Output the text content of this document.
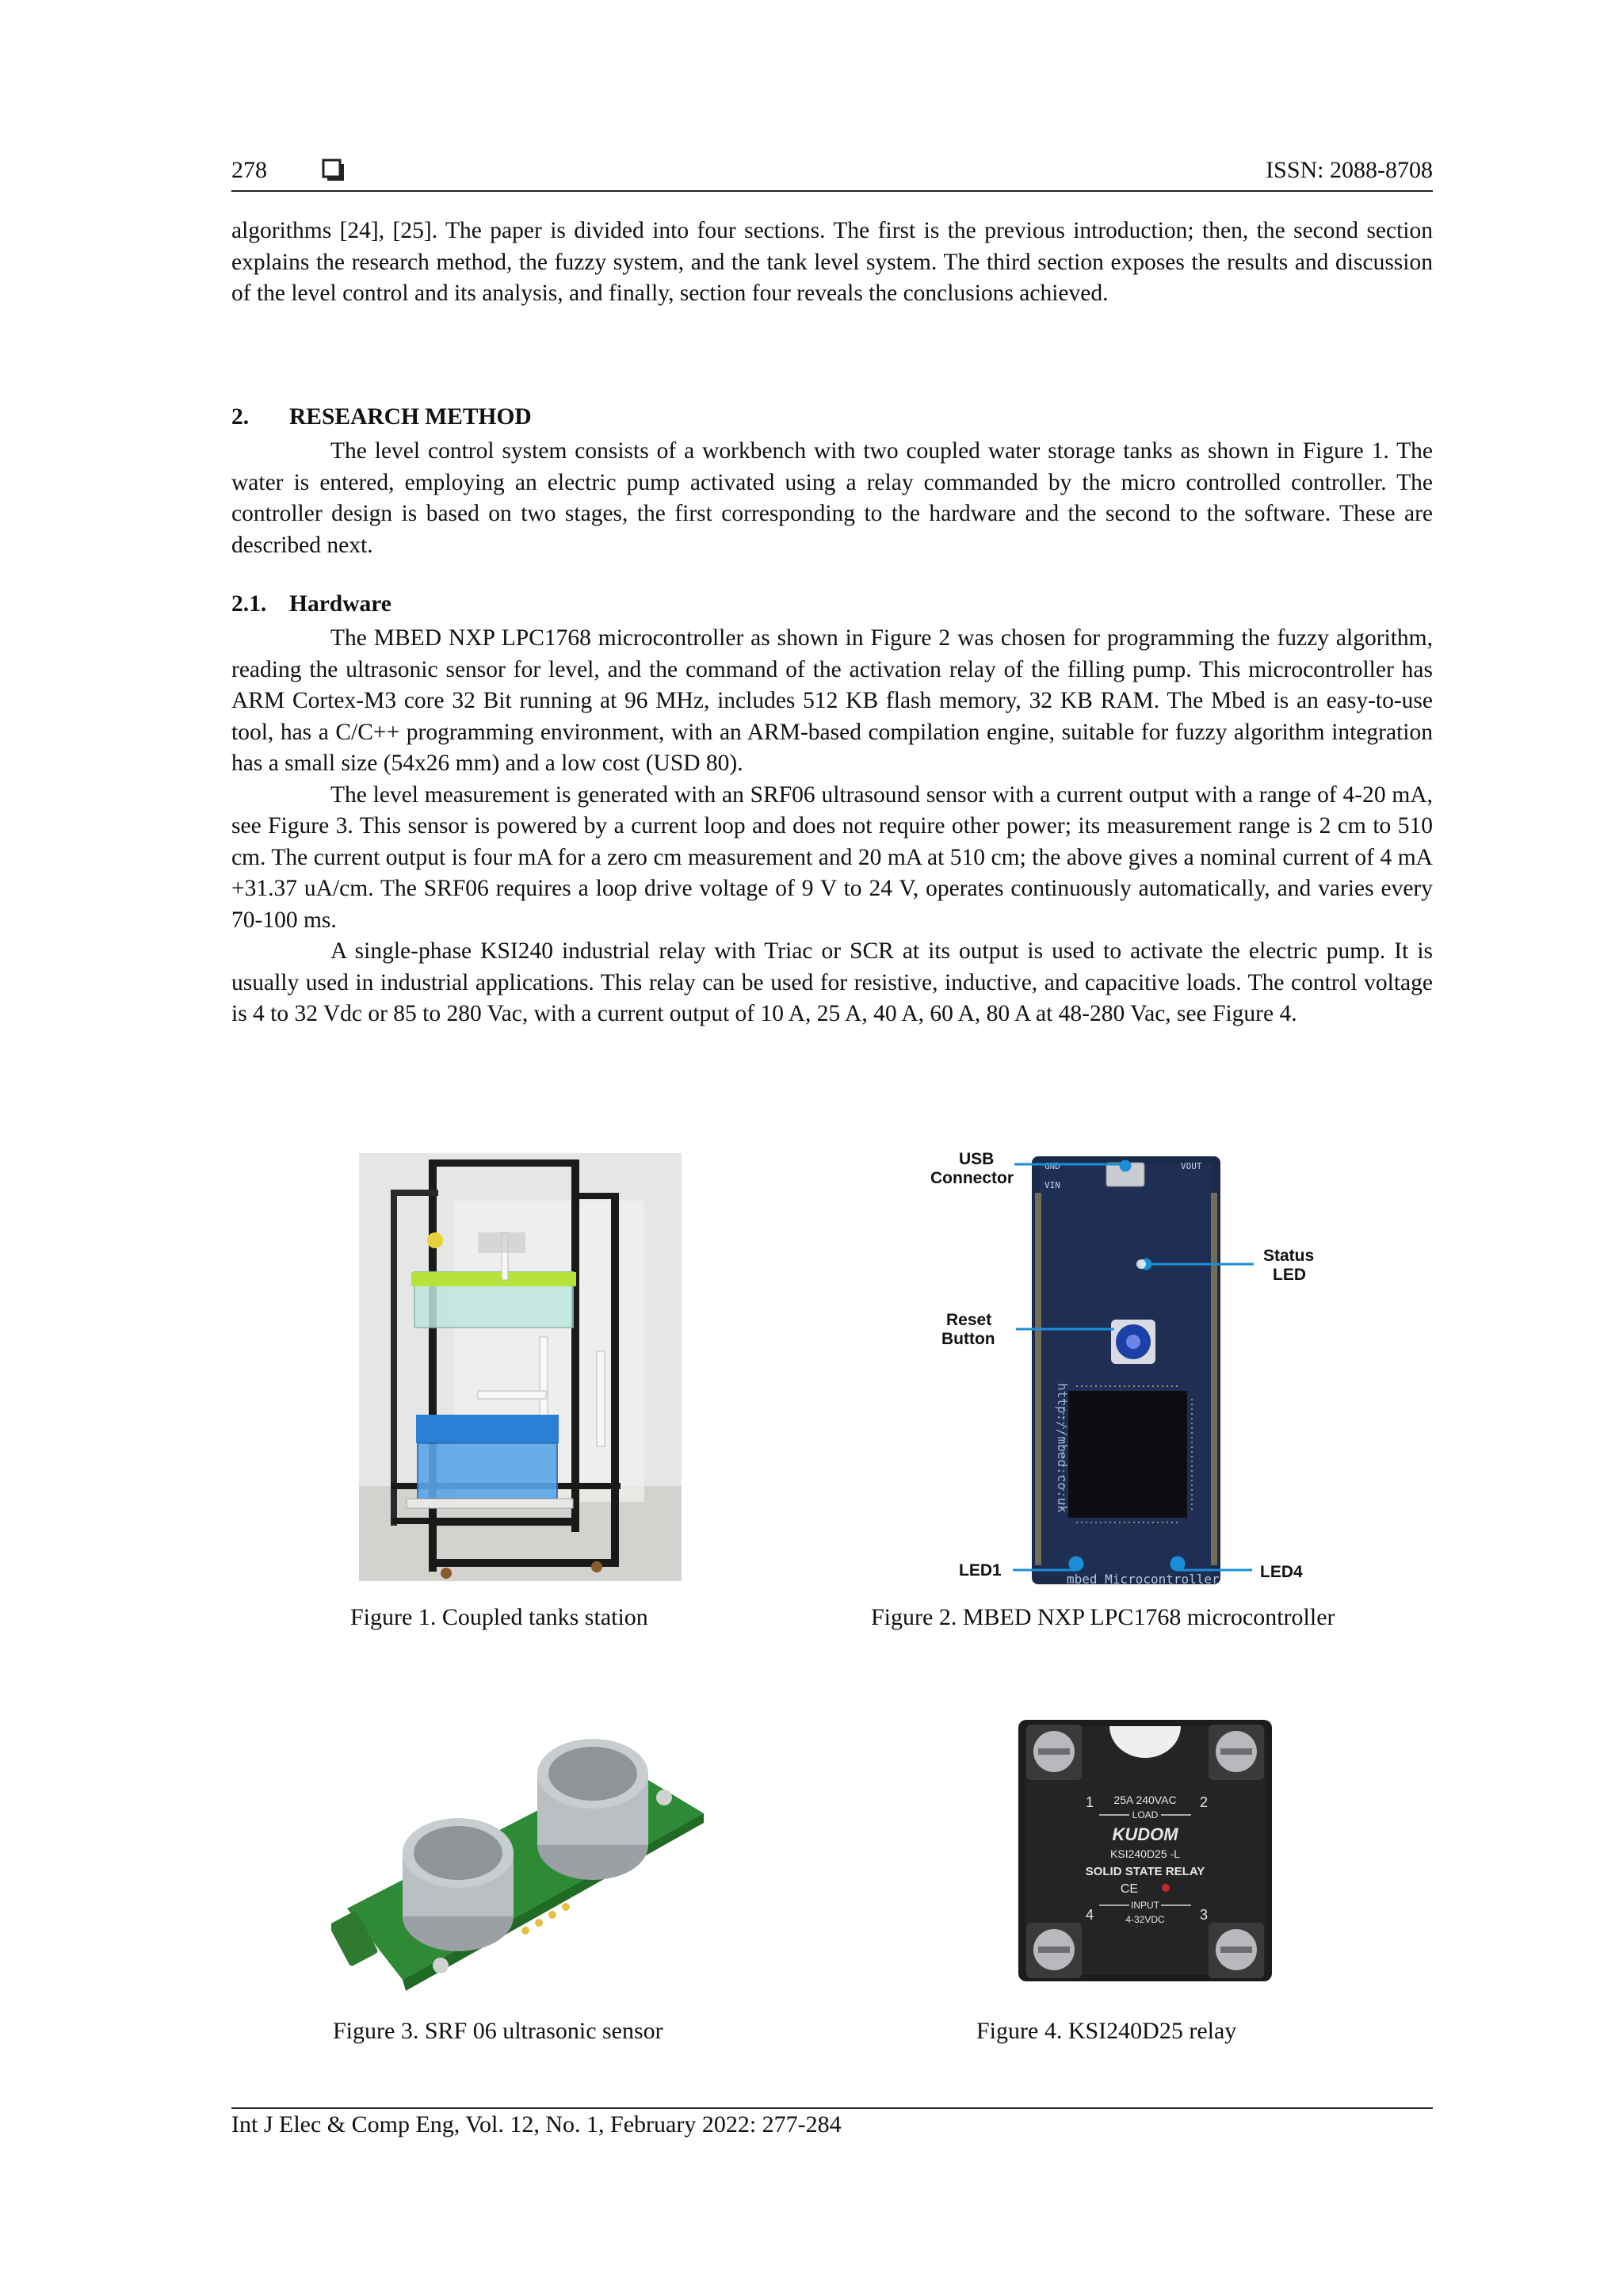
278	ISSN: 2088-8708

algorithms [24], [25]. The paper is divided into four sections. The first is the previous introduction; then, the second section explains the research method, the fuzzy system, and the tank level system. The third section exposes the results and discussion of the level control and its analysis, and finally, section four reveals the conclusions achieved.

2. RESEARCH METHOD

The level control system consists of a workbench with two coupled water storage tanks as shown in Figure 1. The water is entered, employing an electric pump activated using a relay commanded by the micro controlled controller. The controller design is based on two stages, the first corresponding to the hardware and the second to the software. These are described next.

2.1. Hardware

The MBED NXP LPC1768 microcontroller as shown in Figure 2 was chosen for programming the fuzzy algorithm, reading the ultrasonic sensor for level, and the command of the activation relay of the filling pump. This microcontroller has ARM Cortex-M3 core 32 Bit running at 96 MHz, includes 512 KB flash memory, 32 KB RAM. The Mbed is an easy-to-use tool, has a C/C++ programming environment, with an ARM-based compilation engine, suitable for fuzzy algorithm integration has a small size (54x26 mm) and a low cost (USD 80).

The level measurement is generated with an SRF06 ultrasound sensor with a current output with a range of 4-20 mA, see Figure 3. This sensor is powered by a current loop and does not require other power; its measurement range is 2 cm to 510 cm. The current output is four mA for a zero cm measurement and 20 mA at 510 cm; the above gives a nominal current of 4 mA +31.37 uA/cm. The SRF06 requires a loop drive voltage of 9 V to 24 V, operates continuously automatically, and varies every 70-100 ms.

A single-phase KSI240 industrial relay with Triac or SCR at its output is used to activate the electric pump. It is usually used in industrial applications. This relay can be used for resistive, inductive, and capacitive loads. The control voltage is 4 to 32 Vdc or 85 to 280 Vac, with a current output of 10 A, 25 A, 40 A, 60 A, 80 A at 48-280 Vac, see Figure 4.

Figure 1. Coupled tanks station
GND
VIN
VOUT
http://mbed.co.uk
mbed Microcontroller
USB
Connector
Status
LED
Reset
Button
LED1	LED4
Figure 2. MBED NXP LPC1768 microcontroller
Figure 3. SRF 06 ultrasonic sensor
1	2
25A 240VAC
LOAD
KUDOM
KSI240D25 -L
SOLID STATE RELAY
CE
INPUT
4-32VDC
4	3
Figure 4. KSI240D25 relay
Int J Elec & Comp Eng, Vol. 12, No. 1, February 2022: 277-284
